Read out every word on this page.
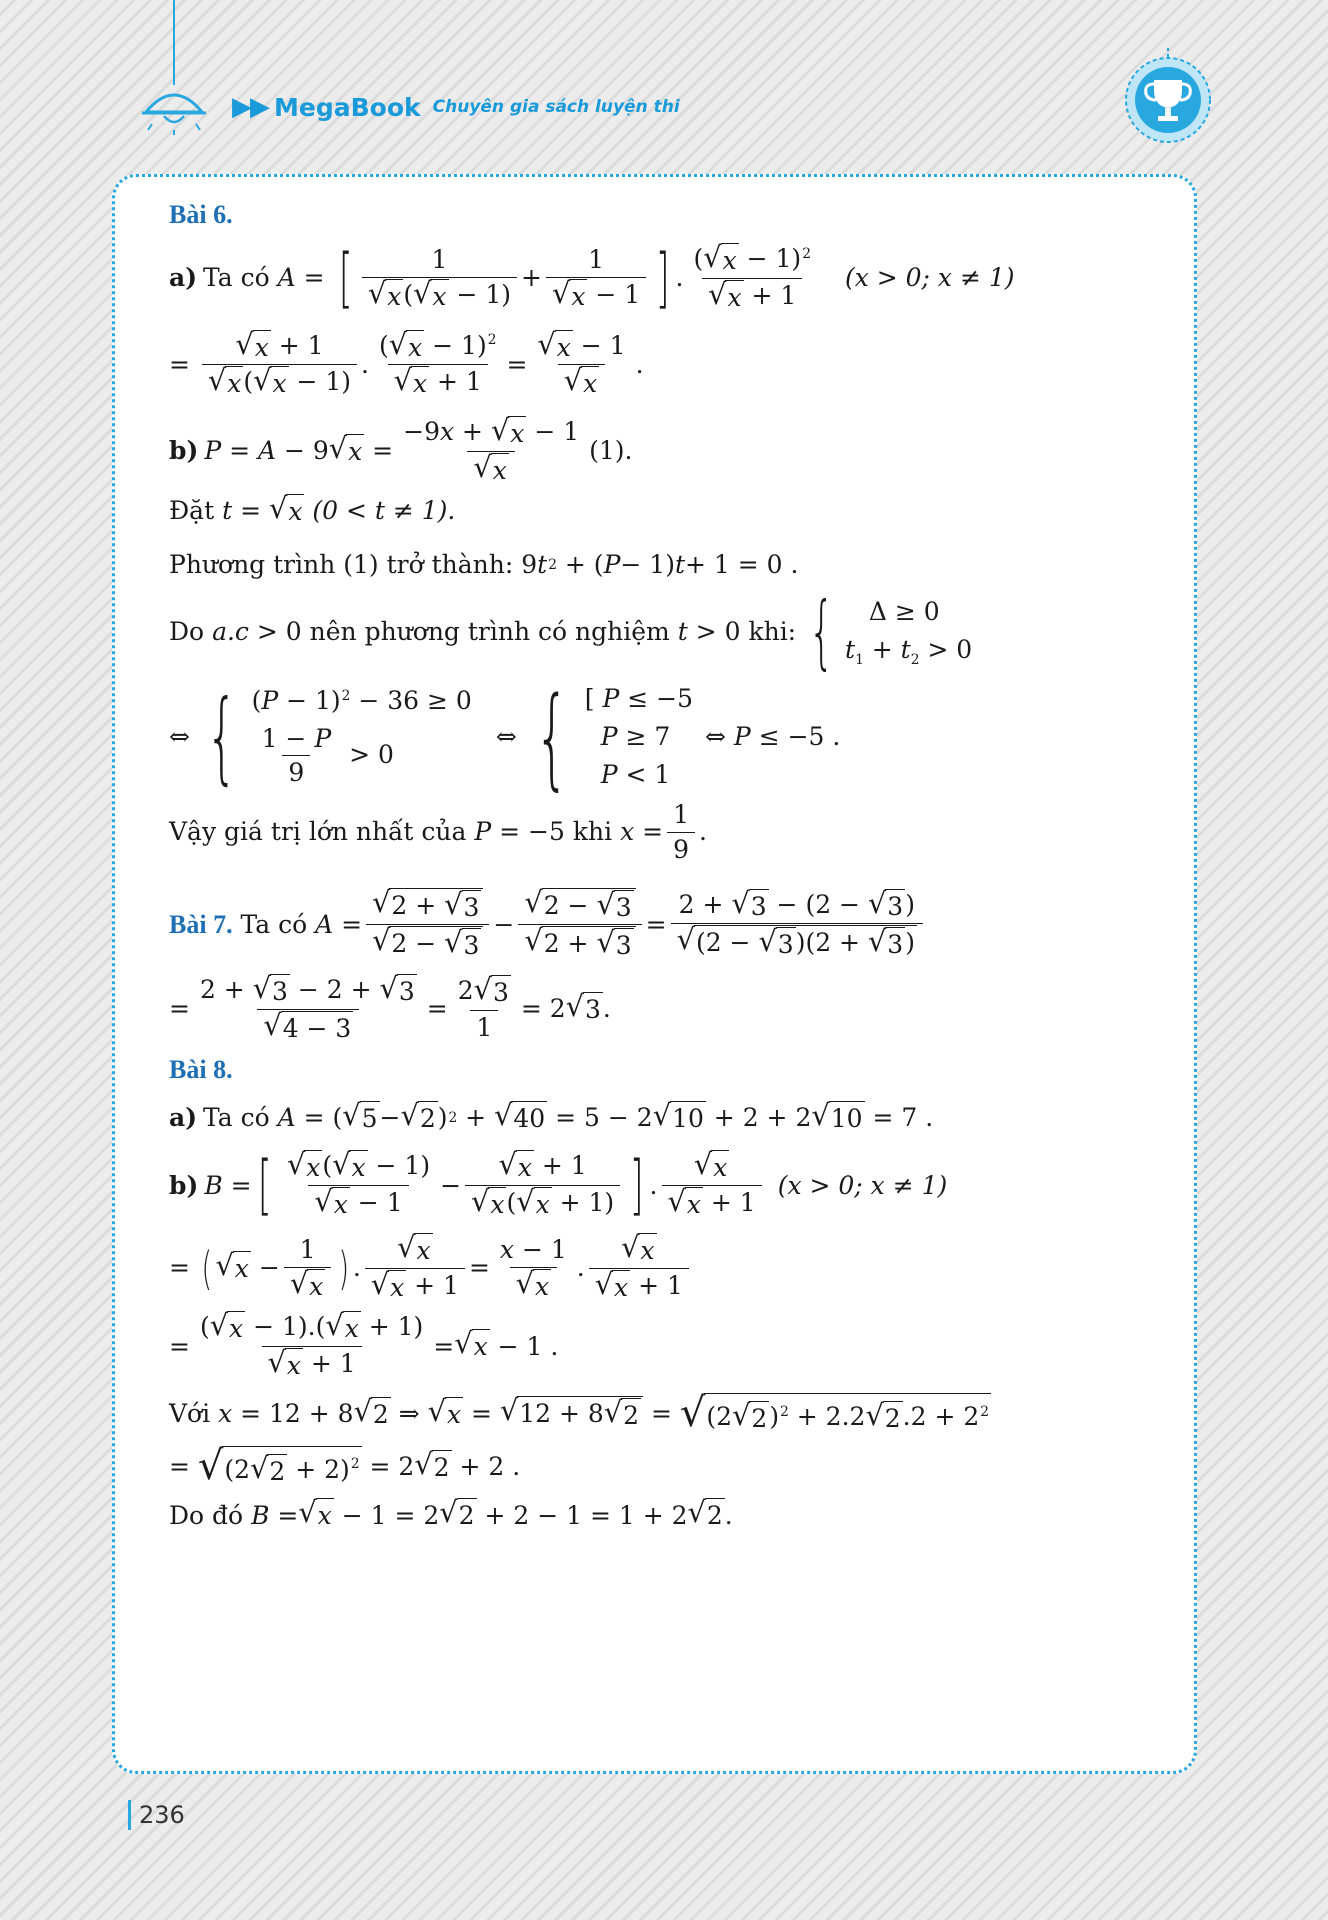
▶▶ MegaBook Chuyên gia sách luyện thi
Bài 6.
a) Ta có
A = [ $\frac{1}{√ x ( √ x - 1)} + \frac{1}{√ x - 1}$ ] . $\frac{( √ x - 1)^2}{√ x + 1} (x > 0$; x ≠ 1)
= $\frac{√ x + 1}{√ x ( √ x - 1)}$ . $\frac{( √ x - 1)^2}{√ x + 1} = \frac{√ x - 1}{√ x}$ .
b) P = A − 9 √ $x = \frac{-9x + √ x - 1}{√ x} (1)$.
Đặt
t = √ x
(0 < t ≠ 1).
Phương trình (1) trở thành: 9 t 2 + ( P − 1) t + 1 = 0 .
Do
a.c > 0 nên phương trình có nghiệm
t > 0 khi: { Δ ≥ 0
$t_1 + t_2 > 0$
⇔ { $(P - 1)^2 - 36 \ge 0$
$\frac{1 - P}{9} > 0$
⇔ { [ P ≤ −5
P ≥ 7
P < 1
⇔ P ≤ −5 .
Vậy giá trị lớn nhất của
P = −5 khi
$x = \frac{1}{9}$ .
Bài 7.
Ta có
$A = \frac{√ 2 + √ 3}{√ 2 - √ 3} - \frac{√ 2 - √ 3}{√ 2 + √ 3} = \frac{2 + √ 3 - (2 - √ 3 )}{√ (2 - √ 3 )(2 + √ 3 )}$
= $\frac{2 + √ 3 - 2 + √ 3}{√ 4 - 3} = \frac{2 √ 3}{1} = 2$ √ 3 .
Bài 8.
a) Ta có
A = ( √ 5 − √ 2 ) 2 + √ 40 = 5 − 2 √ 10 + 2 + 2 √ 10 = 7 .
b) B = [ $\frac{√ x ( √ x - 1)}{√ x - 1} - \frac{√ x + 1}{√ x ( √ x + 1)}$ ] . $\frac{√ x}{√ x + 1} (x > 0$; x ≠ 1)
= ( √ $x - \frac{1}{√ x}$ ) . $\frac{√ x}{√ x + 1} = \frac{x - 1}{√ x}$ . $\frac{√ x}{√ x + 1}$
= $\frac{( √ x - 1).( √ x + 1)}{√ x + 1}$ = √ x − 1 .
Với
x = 12 + 8 √ 2 ⇒ √ x = √ 12 + 8 √ 2 = √ (2 √ 2 )$^2$ + 2.2 √ 2 $.2 + 2^2$
= √ (2 √ 2 + 2)$^2$ = 2 √ 2 + 2 .
Do đó
B = √ x − 1 = 2 √ 2 + 2 − 1 = 1 + 2 √ 2 .
236
